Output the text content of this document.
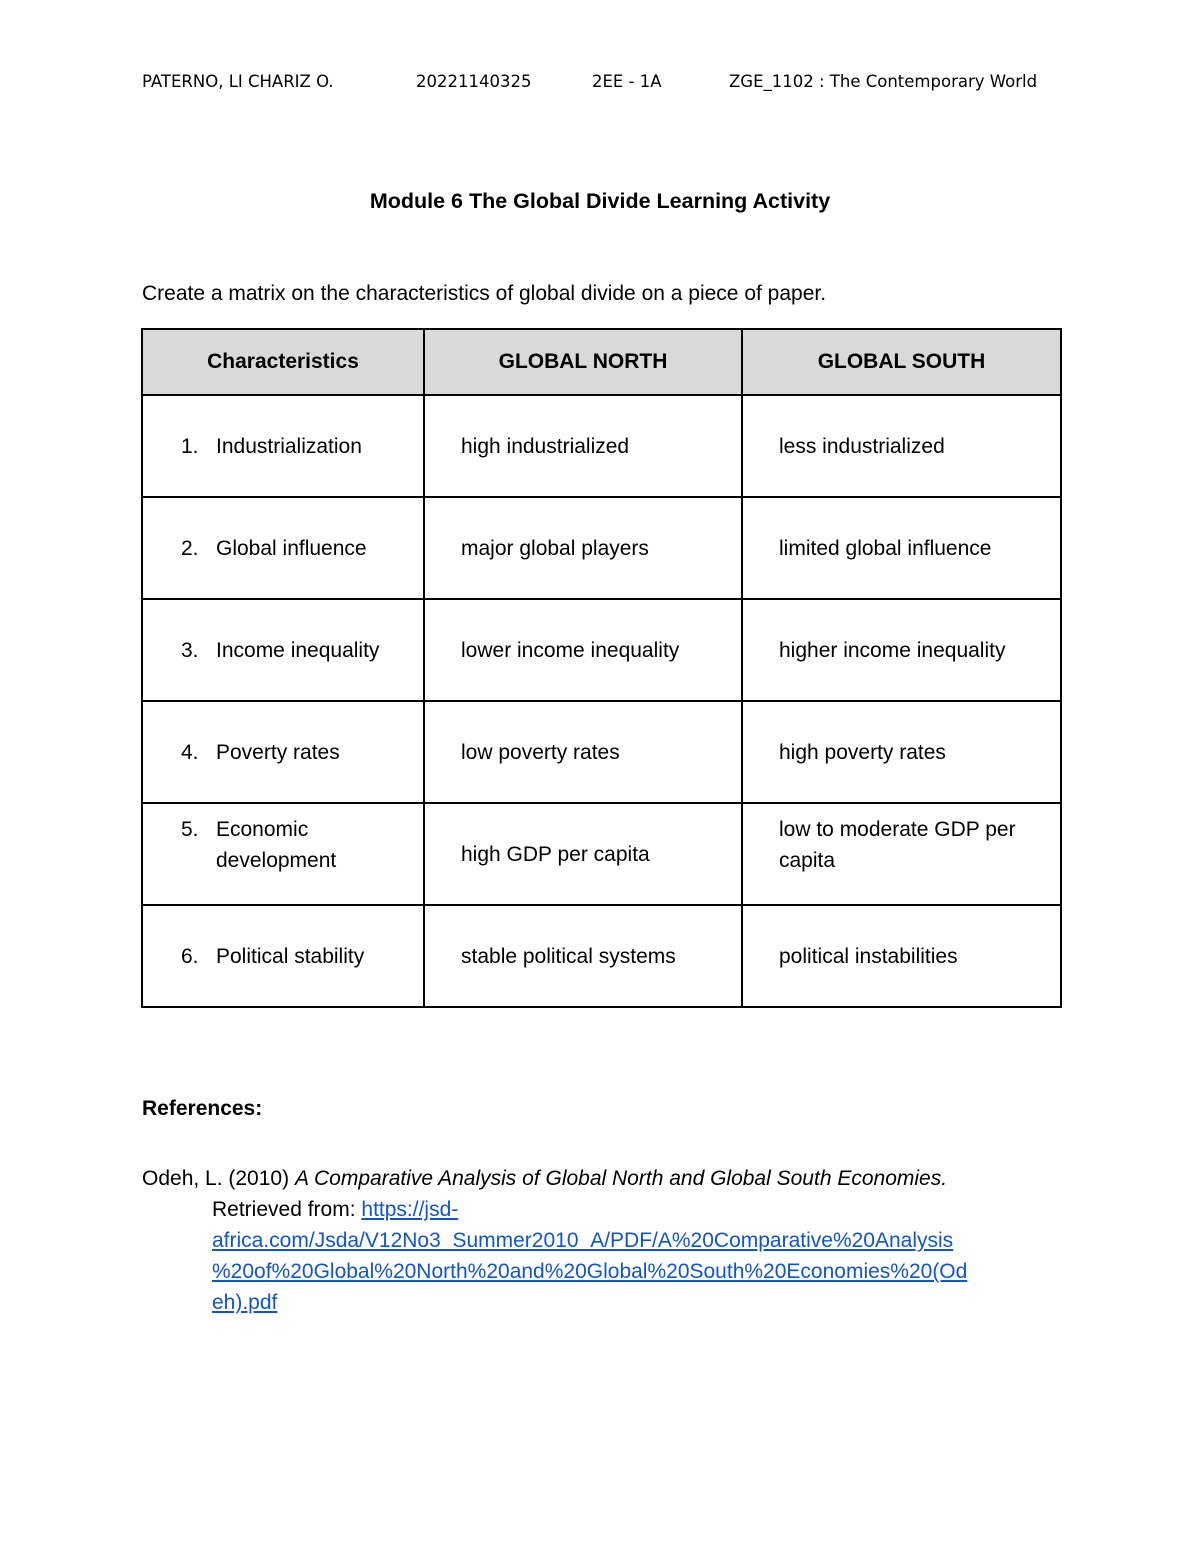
PATERNO, LI CHARIZ O.	20221140325	2EE - 1A	ZGE_1102 : The Contemporary World
Module 6 The Global Divide Learning Activity
Create a matrix on the characteristics of global divide on a piece of paper.
Characteristics	GLOBAL NORTH	GLOBAL SOUTH

1. Industrialization	high industrialized	less industrialized

2. Global influence	major global players	limited global influence

3. Income inequality	lower income inequality	higher income inequality

4. Poverty rates	low poverty rates	high poverty rates

5. Economic development	high GDP per capita	low to moderate GDP per capita

6. Political stability	stable political systems	political instabilities
References:
Odeh, L. (2010) A Comparative Analysis of Global North and Global South Economies.
Retrieved from: https://jsd-
africa.com/Jsda/V12No3_Summer2010_A/PDF/A%20Comparative%20Analysis
%20of%20Global%20North%20and%20Global%20South%20Economies%20(Od
eh).pdf
